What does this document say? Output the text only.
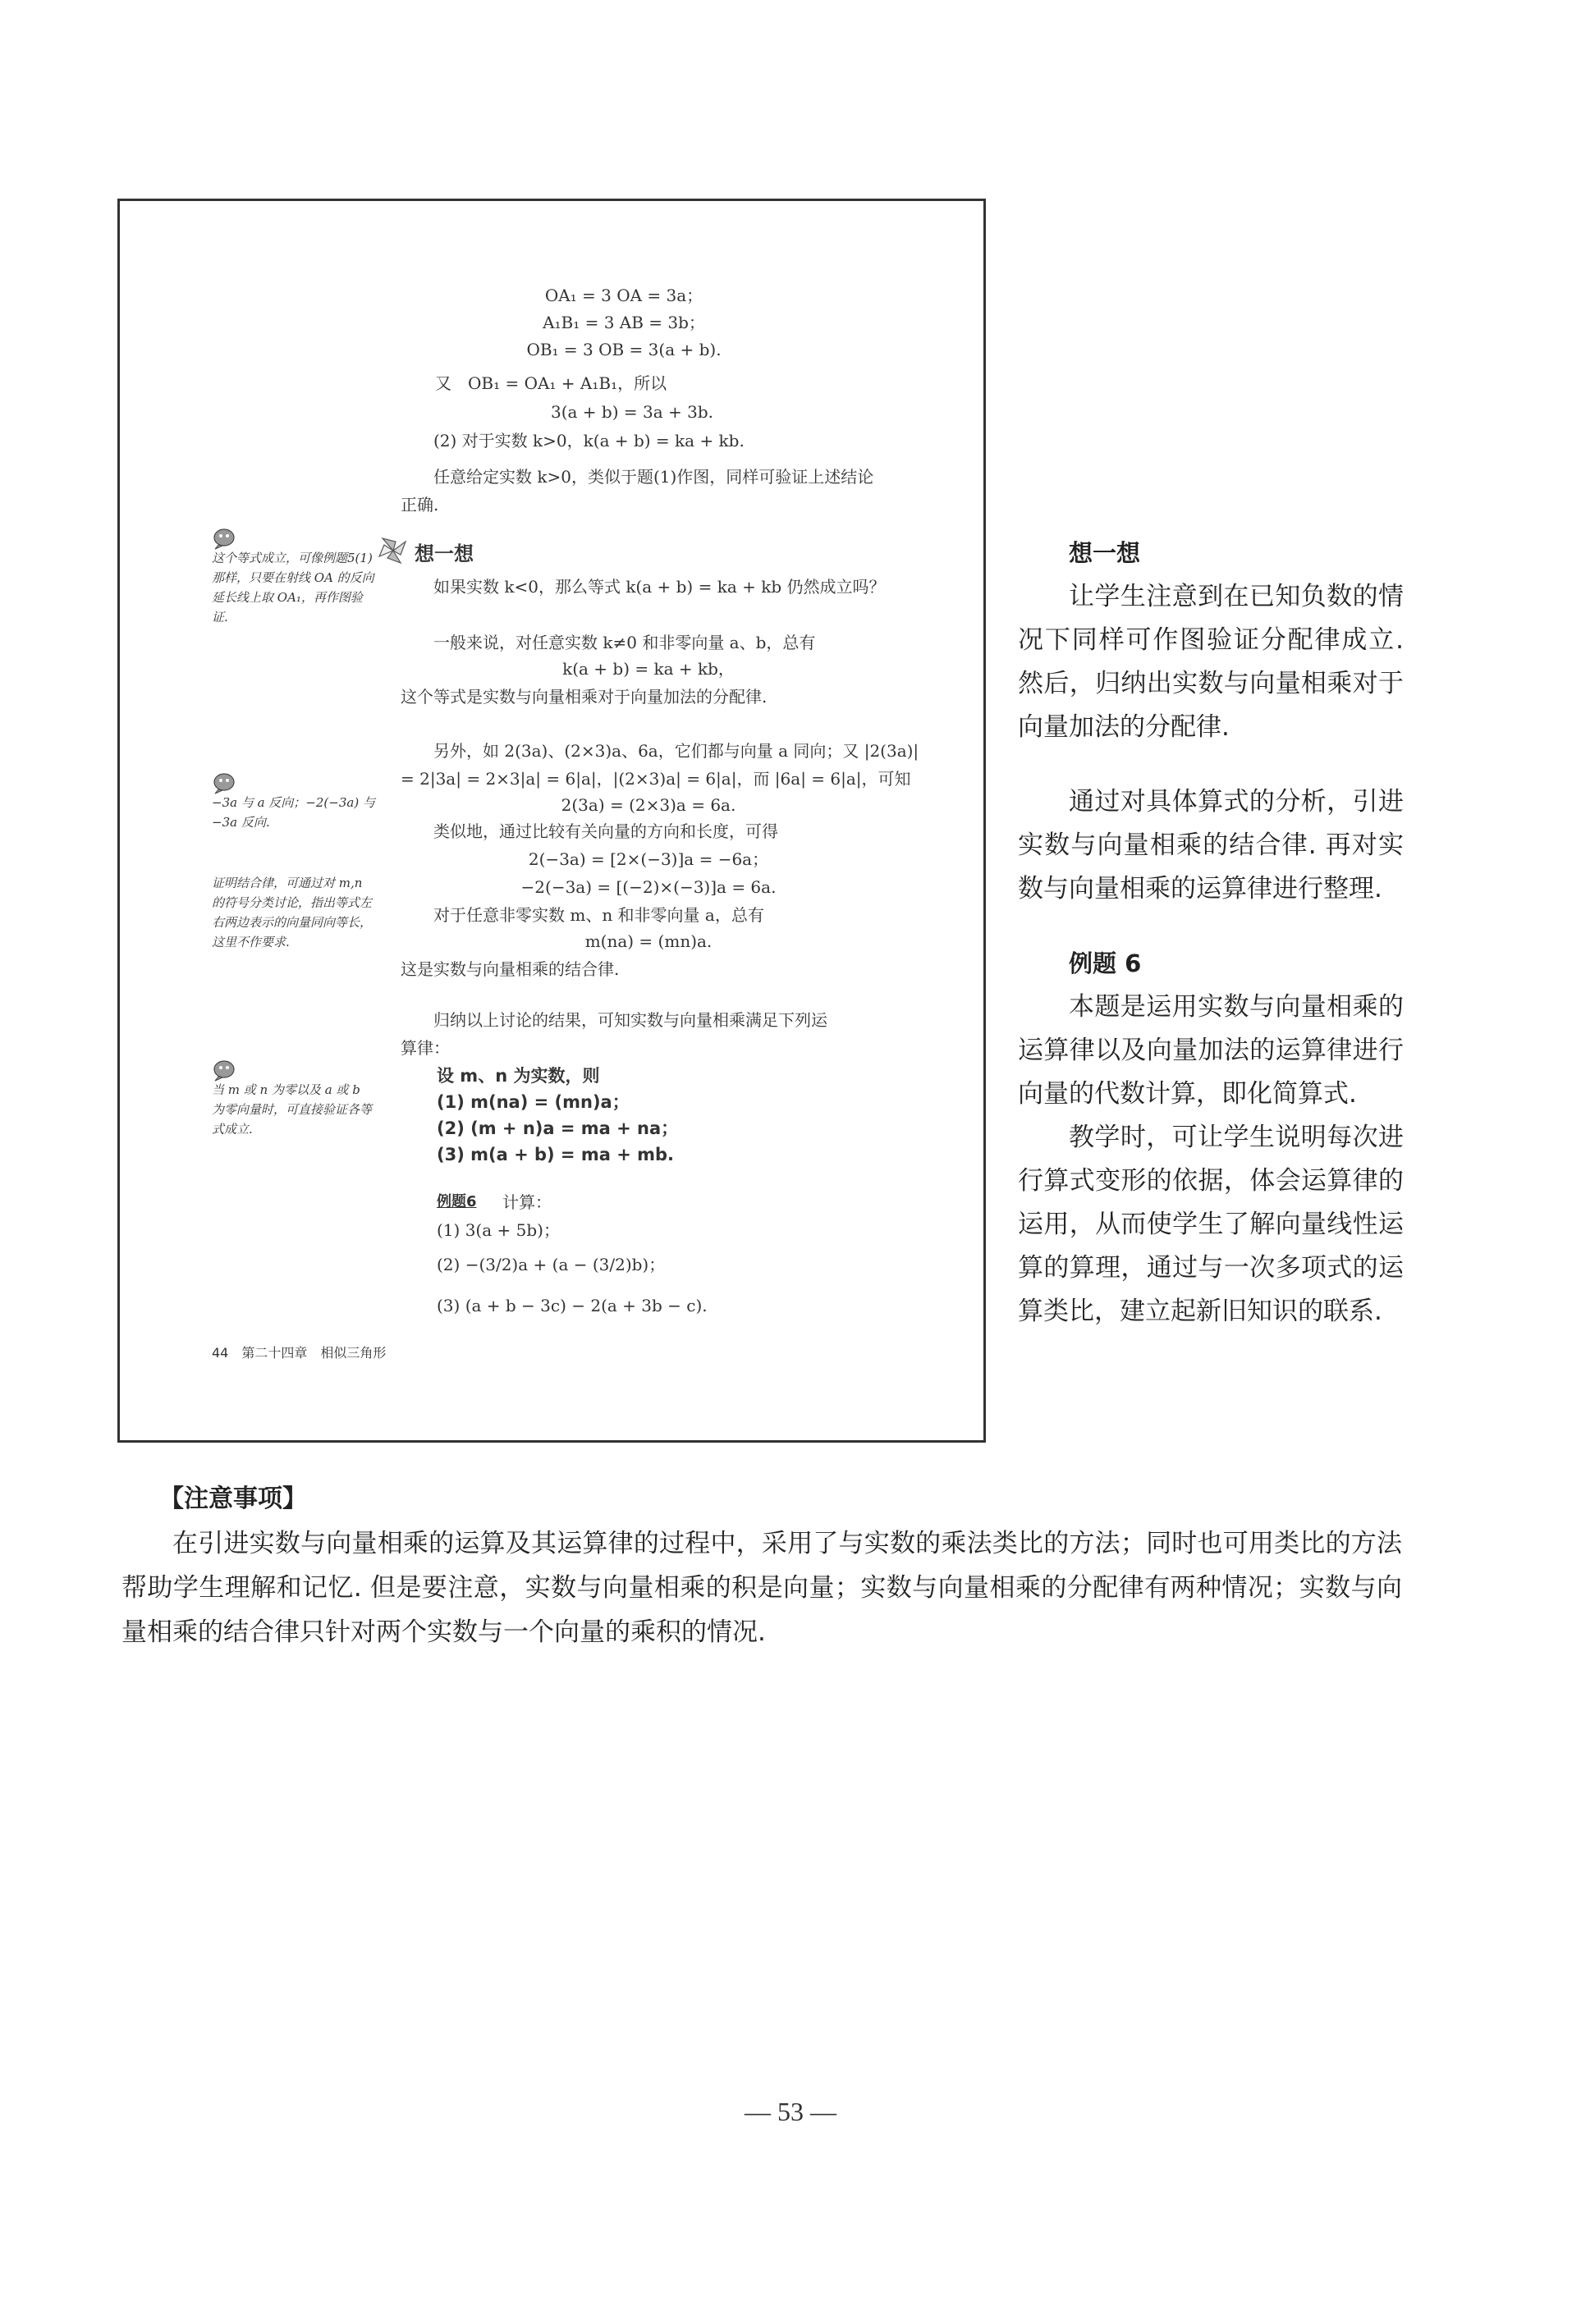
OA₁ = 3 OA = 3a；
A₁B₁ = 3 AB = 3b；
OB₁ = 3 OB = 3(a + b).
又　OB₁ = OA₁ + A₁B₁，所以
3(a + b) = 3a + 3b.
(2) 对于实数 k>0，k(a + b) = ka + kb.
任意给定实数 k>0，类似于题(1)作图，同样可验证上述结论
正确.
想一想
如果实数 k<0，那么等式 k(a + b) = ka + kb 仍然成立吗？
一般来说，对任意实数 k≠0 和非零向量 a、b，总有
k(a + b) = ka + kb，
这个等式是实数与向量相乘对于向量加法的分配律.
另外，如 2(3a)、(2×3)a、6a，它们都与向量 a 同向；又 |2(3a)|
= 2|3a| = 2×3|a| = 6|a|，|(2×3)a| = 6|a|，而 |6a| = 6|a|，可知
2(3a) = (2×3)a = 6a.
类似地，通过比较有关向量的方向和长度，可得
2(−3a) = [2×(−3)]a = −6a；
−2(−3a) = [(−2)×(−3)]a = 6a.
对于任意非零实数 m、n 和非零向量 a，总有
m(na) = (mn)a.
这是实数与向量相乘的结合律.
归纳以上讨论的结果，可知实数与向量相乘满足下列运
算律：
设 m、n 为实数，则
(1) m(na) = (mn)a；
(2) (m + n)a = ma + na；
(3) m(a + b) = ma + mb.
例题6 计算：
(1) 3(a + 5b)；
(2) −(3/2)a + (a − (3/2)b)；
(3) (a + b − 3c) − 2(a + 3b − c).
44　第二十四章　相似三角形
这个等式成立，可像例题5(1)那样，只要在射线 OA 的反向延长线上取 OA₁，再作图验证.
−3a 与 a 反向；−2(−3a) 与 −3a 反向.
证明结合律，可通过对 m,n 的符号分类讨论，指出等式左右两边表示的向量同向等长，这里不作要求.
当 m 或 n 为零以及 a 或 b 为零向量时，可直接验证各等式成立.
想一想

让学生注意到在已知负数的情况下同样可作图验证分配律成立. 然后，归纳出实数与向量相乘对于向量加法的分配律.

通过对具体算式的分析，引进实数与向量相乘的结合律. 再对实数与向量相乘的运算律进行整理.

例题 6

本题是运用实数与向量相乘的运算律以及向量加法的运算律进行向量的代数计算，即化简算式.

教学时，可让学生说明每次进行算式变形的依据，体会运算律的运用，从而使学生了解向量线性运算的算理，通过与一次多项式的运算类比，建立起新旧知识的联系.

【注意事项】

在引进实数与向量相乘的运算及其运算律的过程中，采用了与实数的乘法类比的方法；同时也可用类比的方法帮助学生理解和记忆. 但是要注意，实数与向量相乘的积是向量；实数与向量相乘的分配律有两种情况；实数与向量相乘的结合律只针对两个实数与一个向量的乘积的情况.

— 53 —
